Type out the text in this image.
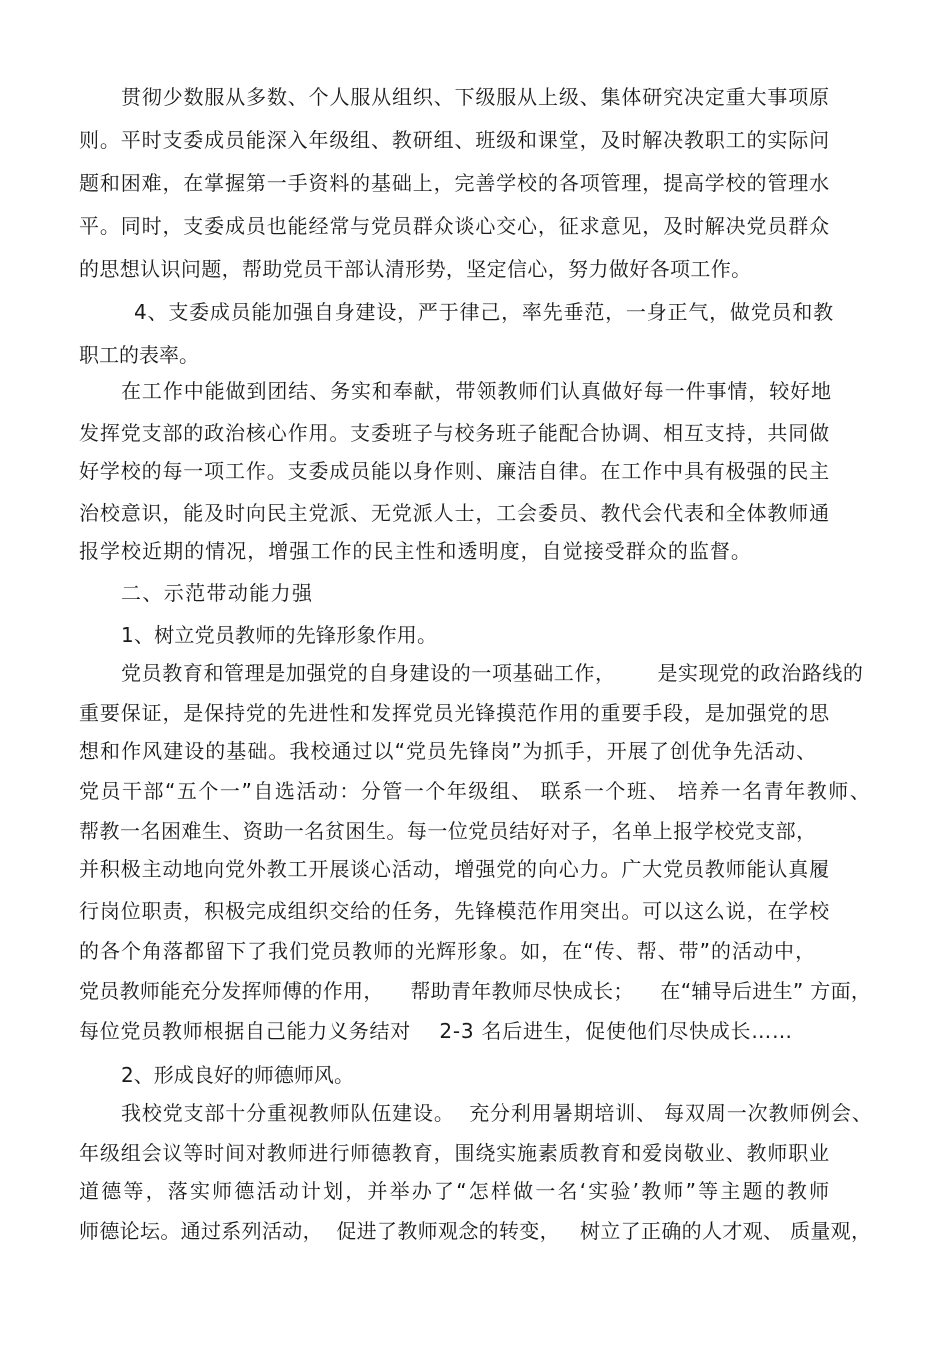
贯彻少数服从多数、个人服从组织、下级服从上级、集体研究决定重大事项原

则。平时支委成员能深入年级组、教研组、班级和课堂，及时解决教职工的实际问

题和困难，在掌握第一手资料的基础上，完善学校的各项管理，提高学校的管理水

平。同时，支委成员也能经常与党员群众谈心交心，征求意见，及时解决党员群众

的思想认识问题，帮助党员干部认清形势，坚定信心，努力做好各项工作。

4、支委成员能加强自身建设，严于律己，率先垂范，一身正气，做党员和教

职工的表率。

在工作中能做到团结、务实和奉献，带领教师们认真做好每一件事情，较好地

发挥党支部的政治核心作用。支委班子与校务班子能配合协调、相互支持，共同做

好学校的每一项工作。支委成员能以身作则、廉洁自律。在工作中具有极强的民主

治校意识，能及时向民主党派、无党派人士，工会委员、教代会代表和全体教师通

报学校近期的情况，增强工作的民主性和透明度，自觉接受群众的监督。

二、示范带动能力强

1、树立党员教师的先锋形象作用。

党员教育和管理是加强党的自身建设的一项基础工作，      是实现党的政治路线的

重要保证，是保持党的先进性和发挥党员光锋摸范作用的重要手段，是加强党的思

想和作风建设的基础。我校通过以“党员先锋岗”为抓手，开展了创优争先活动、

党员干部“五个一”自选活动：分管一个年级组、 联系一个班、 培养一名青年教师、

帮教一名困难生、资助一名贫困生。每一位党员结好对子，名单上报学校党支部，

并积极主动地向党外教工开展谈心活动，增强党的向心力。广大党员教师能认真履

行岗位职责，积极完成组织交给的任务，先锋模范作用突出。可以这么说，在学校

的各个角落都留下了我们党员教师的光辉形象。如，在“传、帮、带”的活动中，

党员教师能充分发挥师傅的作用，    帮助青年教师尽快成长；    在“辅导后进生” 方面，

每位党员教师根据自己能力义务结对    2-3 名后进生，促使他们尽快成长……

2、形成良好的师德师风。

我校党支部十分重视教师队伍建设。  充分利用暑期培训、 每双周一次教师例会、

年级组会议等时间对教师进行师德教育，围绕实施素质教育和爱岗敬业、教师职业

道德等，落实师德活动计划，并举办了“怎样做一名‘实验’教师”等主题的教师

师德论坛。通过系列活动，  促进了教师观念的转变，   树立了正确的人才观、 质量观，
